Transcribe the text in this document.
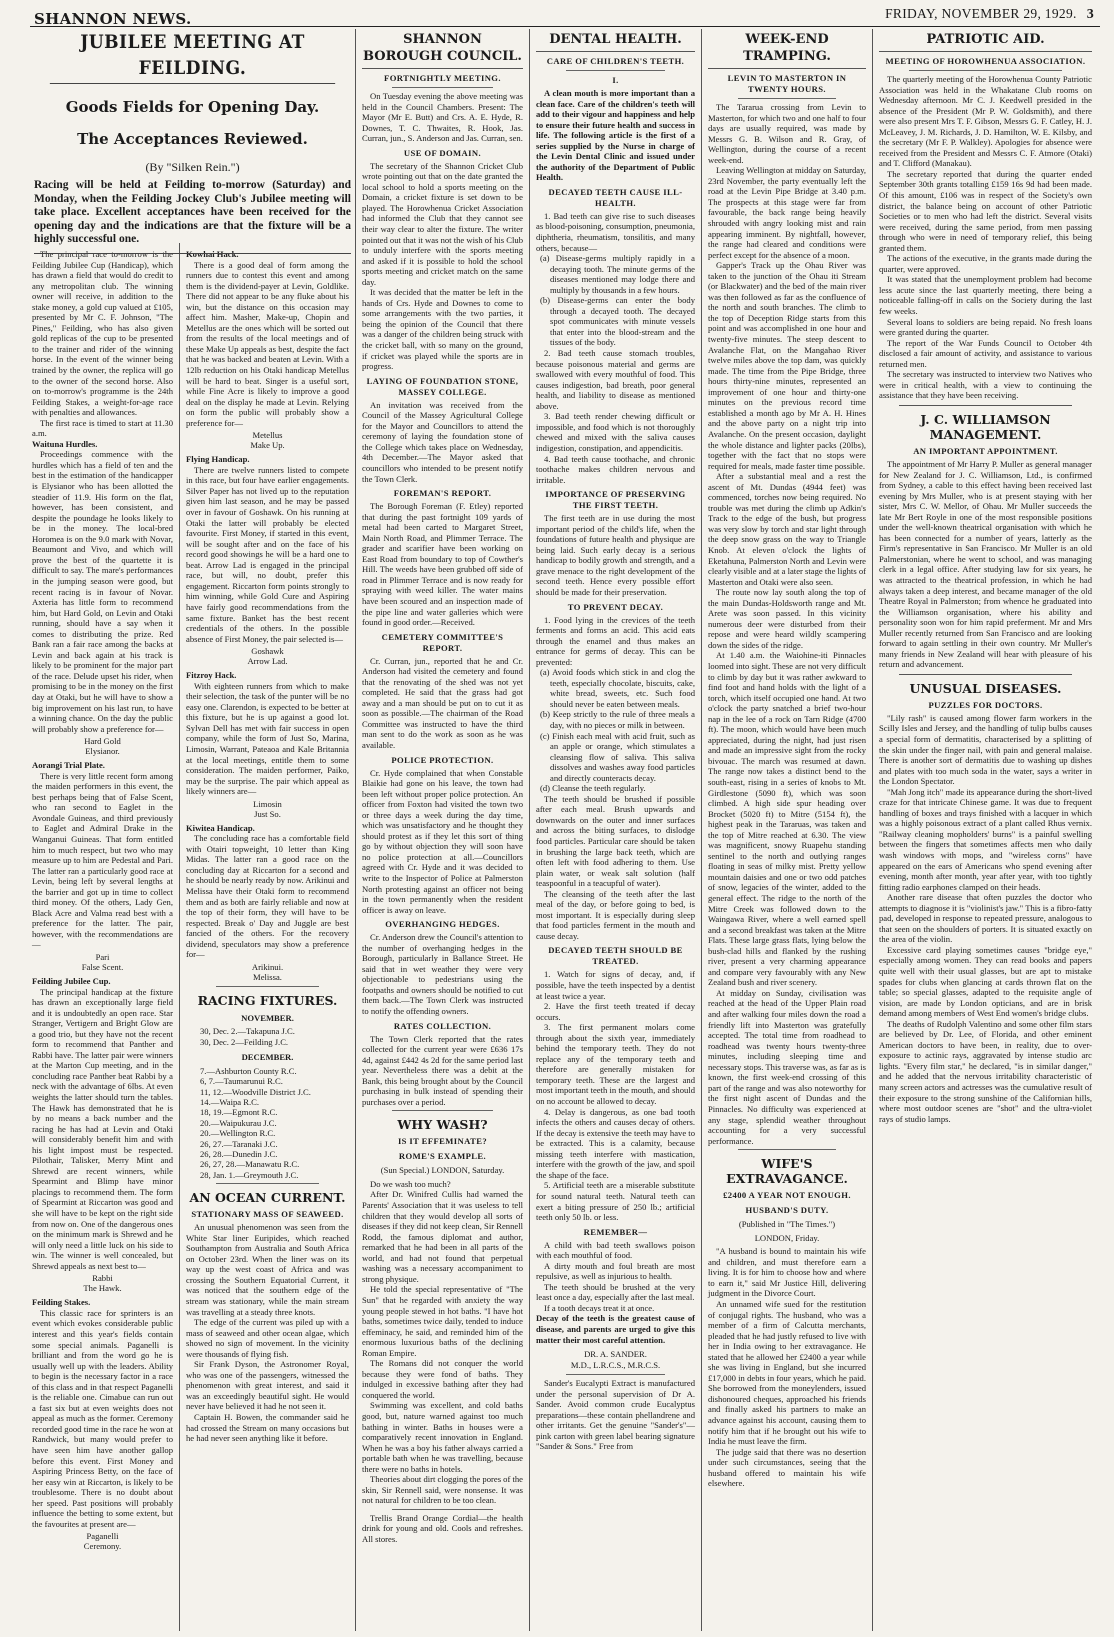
SHANNON NEWS.	FRIDAY, NOVEMBER 29, 1929. 3

The principal race to-morrow is the Feilding Jubilee Cup (Handicap), which has drawn a field that would do credit to any metropolitan club. The winning owner will receive, in addition to the stake money, a gold cup valued at £105, presented by Mr C. F. Johnson, "The Pines," Feilding, who has also given gold replicas of the cup to be presented to the trainer and rider of the winning horse. In the event of the winner being trained by the owner, the replica will go to the owner of the second horse. Also on to-morrow's programme is the 24th Feilding Stakes, a weight-for-age race with penalties and allowances.

The first race is timed to start at 11.30 a.m.

Waituna Hurdles.

Proceedings commence with the hurdles which has a field of ten and the best in the estimation of the handicapper is Elysianor who has been allotted the steadier of 11.9. His form on the flat, however, has been consistent, and despite the poundage he looks likely to be in the money. The local-bred Horomea is on the 9.0 mark with Novar, Beaumont and Vivo, and which will prove the best of the quartette it is difficult to say. The mare's performances in the jumping season were good, but recent racing is in favour of Novar. Axteria has little form to recommend him, but Hard Gold, on Levin and Otaki running, should have a say when it comes to distributing the prize. Red Bank ran a fair race among the backs at Levin and back again at his track is likely to be prominent for the major part of the race. Delude upset his rider, when promising to be in the money on the first day at Otaki, but he will have to show a big improvement on his last run, to have a winning chance. On the day the public will probably show a preference for—

Hard Gold
Elysianor.

Aorangi Trial Plate.

There is very little recent form among the maiden performers in this event, the best perhaps being that of False Scent, who ran second to Eaglet in the Avondale Guineas, and third previously to Eaglet and Admiral Drake in the Wanganui Guineas. That form entitled him to much respect, but two who may measure up to him are Pedestal and Pari. The latter ran a particularly good race at Levin, being left by several lengths at the barrier and got up in time to collect third money. Of the others, Lady Gen, Black Acre and Valma read best with a preference for the latter. The pair, however, with the recommendations are—

Pari
False Scent.

Feilding Jubilee Cup.

The principal handicap at the fixture has drawn an exceptionally large field and it is undoubtedly an open race. Star Stranger, Vertigern and Bright Glow are a good trio, but they have not the recent form to recommend that Panther and Rabbi have. The latter pair were winners at the Marton Cup meeting, and in the concluding race Panther beat Rabbi by a neck with the advantage of 6lbs. At even weights the latter should turn the tables. The Hawk has demonstrated that he is by no means a back number and the racing he has had at Levin and Otaki will considerably benefit him and with his light impost must be respected. Pilothair, Talisker, Merry Mint and Shrewd are recent winners, while Spearmint and Blimp have minor placings to recommend them. The form of Spearmint at Riccarton was good and she will have to be kept on the right side from now on. One of the dangerous ones on the minimum mark is Shrewd and he will only need a little luck on his side to win. The winner is well concealed, but Shrewd appeals as next best to—

Rabbi
The Hawk.

Feilding Stakes.

This classic race for sprinters is an event which evokes considerable public interest and this year's fields contain some special animals. Paganelli is brilliant and from the word go he is usually well up with the leaders. Ability to begin is the necessary factor in a race of this class and in that respect Paganelli is the reliable one. Cimabue can run out a fast six but at even weights does not appeal as much as the former. Ceremony recorded good time in the race he won at Randwick, but many would prefer to have seen him have another gallop before this event. First Money and Aspiring Princess Betty, on the face of her easy win at Riccarton, is likely to be troublesome. There is no doubt about her speed. Past positions will probably influence the betting to some extent, but the favourites at present are—

Paganelli
Ceremony.

Kowhai Hack.

There is a good deal of form among the runners due to contest this event and among them is the dividend-payer at Levin, Goldlike. There did not appear to be any fluke about his win, but the distance on this occasion may affect him. Masher, Make-up, Chopin and Metellus are the ones which will be sorted out from the results of the local meetings and of these Make Up appeals as best, despite the fact that he was backed and beaten at Levin. With a 12lb reduction on his Otaki handicap Metellus will be hard to beat. Singer is a useful sort, while Fine Acre is likely to improve a good deal on the display he made at Levin. Relying on form the public will probably show a preference for—

Metellus
Make Up.

Flying Handicap.

There are twelve runners listed to compete in this race, but four have earlier engagements. Silver Paper has not lived up to the reputation given him last season, and he may be passed over in favour of Goshawk. On his running at Otaki the latter will probably be elected favourite. First Money, if started in this event, will be sought after and on the face of his record good showings he will be a hard one to beat. Arrow Lad is engaged in the principal race, but will, no doubt, prefer this engagement. Riccarton form points strongly to him winning, while Gold Cure and Aspiring have fairly good recommendations from the same fixture. Banket has the best recent credentials of the others. In the possible absence of First Money, the pair selected is—

Goshawk
Arrow Lad.

Fitzroy Hack.

With eighteen runners from which to make their selection, the task of the punter will be no easy one. Clarendon, is expected to be better at this fixture, but he is up against a good lot. Sylvan Dell has met with fair success in open company, while the form of Just So, Marina, Limosin, Warrant, Pateaoa and Kale Britannia at the local meetings, entitle them to some consideration. The maiden performer, Paiko, may be the surprise. The pair which appeal as likely winners are—

Limosin
Just So.

Kiwitea Handicap.

The concluding race has a comfortable field with Otairi topweight, 10 letter than King Midas. The latter ran a good race on the concluding day at Riccarton for a second and he should be nearly ready by now. Arikinui and Melissa have their Otaki form to recommend them and as both are fairly reliable and now at the top of their form, they will have to be respected. Break o' Day and Juggle are best fancied of the others. For the recovery dividend, speculators may show a preference for—

Arikinui.
Melissa.
RACING FIXTURES.
NOVEMBER.

30, Dec. 2.—Takapuna J.C.

30, Dec. 2—Feilding J.C.

DECEMBER.

7.—Ashburton County R.C.

6, 7.—Taumarunui R.C.

11, 12.—Woodville District J.C.

14.—Waipa R.C.

18, 19.—Egmont R.C.

20.—Waipukurau J.C.

20.—Wellington R.C.

26, 27.—Taranaki J.C.

26, 28.—Dunedin J.C.

26, 27, 28.—Manawatu R.C.

28, Jan. 1.—Greymouth J.C.

AN OCEAN CURRENT.
STATIONARY MASS OF SEAWEED.

An unusual phenomenon was seen from the White Star liner Euripides, which reached Southampton from Australia and South Africa on October 23rd. When the liner was on its way up the west coast of Africa and was crossing the Southern Equatorial Current, it was noticed that the southern edge of the stream was stationary, while the main stream was travelling at a steady three knots.

The edge of the current was piled up with a mass of seaweed and other ocean algae, which showed no sign of movement. In the vicinity were thousands of flying fish.

Sir Frank Dyson, the Astronomer Royal, who was one of the passengers, witnessed the phenomenon with great interest, and said it was an exceedingly beautiful sight. He would never have believed it had he not seen it.

Captain H. Bowen, the commander said he had crossed the Stream on many occasions but he had never seen anything like it before.

SHANNON BOROUGH COUNCIL.
FORTNIGHTLY MEETING.

On Tuesday evening the above meeting was held in the Council Chambers. Present: The Mayor (Mr E. Butt) and Crs. A. E. Hyde, R. Downes, T. C. Thwaites, R. Hook, Jas. Curran, jun., S. Anderson and Jas. Curran, sen.

USE OF DOMAIN.

The secretary of the Shannon Cricket Club wrote pointing out that on the date granted the local school to hold a sports meeting on the Domain, a cricket fixture is set down to be played. The Horowhenua Cricket Association had informed the Club that they cannot see their way clear to alter the fixture. The writer pointed out that it was not the wish of his Club to unduly interfere with the sports meeting and asked if it is possible to hold the school sports meeting and cricket match on the same day.

It was decided that the matter be left in the hands of Crs. Hyde and Downes to come to some arrangements with the two parties, it being the opinion of the Council that there was a danger of the children being struck with the cricket ball, with so many on the ground, if cricket was played while the sports are in progress.

LAYING OF FOUNDATION STONE, MASSEY COLLEGE.

An invitation was received from the Council of the Massey Agricultural College for the Mayor and Councillors to attend the ceremony of laying the foundation stone of the College which takes place on Wednesday, 4th December.—The Mayor asked that councillors who intended to be present notify the Town Clerk.

FOREMAN'S REPORT.

The Borough Foreman (F. Etley) reported that during the past fortnight 109 yards of metal had been carted to Margaret Street, Main North Road, and Plimmer Terrace. The grader and scarifier have been working on East Road from boundary to top of Cowther's Hill. The weeds have been grubbed off side of road in Plimmer Terrace and is now ready for spraying with weed killer. The water mains have been scoured and an inspection made of the pipe line and water galleries which were found in good order.—Received.

CEMETERY COMMITTEE'S REPORT.

Cr. Curran, jun., reported that he and Cr. Anderson had visited the cemetery and found that the renovating of the shed was not yet completed. He said that the grass had got away and a man should be put on to cut it as soon as possible.—The chairman of the Road Committee was instructed to have the third man sent to do the work as soon as he was available.

POLICE PROTECTION.

Cr. Hyde complained that when Constable Blaikie had gone on his leave, the town had been left without proper police protection. An officer from Foxton had visited the town two or three days a week during the day time, which was unsatisfactory and he thought they should protest as if they let this sort of thing go by without objection they will soon have no police protection at all.—Councillors agreed with Cr. Hyde and it was decided to write to the Inspector of Police at Palmerston North protesting against an officer not being in the town permanently when the resident officer is away on leave.

OVERHANGING HEDGES.

Cr. Anderson drew the Council's attention to the number of overhanging hedges in the Borough, particularly in Ballance Street. He said that in wet weather they were very objectionable to pedestrians using the footpaths and owners should be notified to cut them back.—The Town Clerk was instructed to notify the offending owners.

RATES COLLECTION.

The Town Clerk reported that the rates collected for the current year were £636 17s 4d, against £442 4s 2d for the same period last year. Nevertheless there was a debit at the Bank, this being brought about by the Council purchasing in bulk instead of spending their purchases over a period.

WHY WASH?
IS IT EFFEMINATE?
ROME'S EXAMPLE.
(Sun Special.) LONDON, Saturday.

Do we wash too much?

After Dr. Winifred Cullis had warned the Parents' Association that it was useless to tell children that they would develop all sorts of diseases if they did not keep clean, Sir Rennell Rodd, the famous diplomat and author, remarked that he had been in all parts of the world, and had not found that perpetual washing was a necessary accompaniment to strong physique.

He told the special representative of "The Sun" that he regarded with anxiety the way young people stewed in hot baths. "I have hot baths, sometimes twice daily, tended to induce effeminacy, he said, and reminded him of the enormous luxurious baths of the declining Roman Empire.

The Romans did not conquer the world because they were fond of baths. They indulged in excessive bathing after they had conquered the world.

Swimming was excellent, and cold baths good, but, nature warned against too much bathing in winter. Baths in houses were a comparatively recent innovation in England. When he was a boy his father always carried a portable bath when he was travelling, because there were no baths in hotels.

Theories about dirt clogging the pores of the skin, Sir Rennell said, were nonsense. It was not natural for children to be too clean.

Trellis Brand Orange Cordial—the health drink for young and old. Cools and refreshes. All stores.

DENTAL HEALTH.
CARE OF CHILDREN'S TEETH.
I.

A clean mouth is more important than a clean face. Care of the children's teeth will add to their vigour and happiness and help to ensure their future health and success in life. The following article is the first of a series supplied by the Nurse in charge of the Levin Dental Clinic and issued under the authority of the Department of Public Health.

DECAYED TEETH CAUSE ILL-HEALTH.

1. Bad teeth can give rise to such diseases as blood-poisoning, consumption, pneumonia, diphtheria, rheumatism, tonsilitis, and many others, because—

(a) Disease-germs multiply rapidly in a decaying tooth. The minute germs of the diseases mentioned may lodge there and multiply by thousands in a few hours.

(b) Disease-germs can enter the body through a decayed tooth. The decayed spot communicates with minute vessels that enter into the blood-stream and the tissues of the body.

2. Bad teeth cause stomach troubles, because poisonous material and germs are swallowed with every mouthful of food. This causes indigestion, bad breath, poor general health, and liability to disease as mentioned above.

3. Bad teeth render chewing difficult or impossible, and food which is not thoroughly chewed and mixed with the saliva causes indigestion, constipation, and appendicitis.

4. Bad teeth cause toothache, and chronic toothache makes children nervous and irritable.

IMPORTANCE OF PRESERVING THE FIRST TEETH.

The first teeth are in use during the most important period of the child's life, when the foundations of future health and physique are being laid. Such early decay is a serious handicap to bodily growth and strength, and a grave menace to the right development of the second teeth. Hence every possible effort should be made for their preservation.

TO PREVENT DECAY.

1. Food lying in the crevices of the teeth ferments and forms an acid. This acid eats through the enamel and thus makes an entrance for germs of decay. This can be prevented:

(a) Avoid foods which stick in and clog the teeth, especially chocolate, biscuits, cake, white bread, sweets, etc. Such food should never be eaten between meals.

(b) Keep strictly to the rule of three meals a day, with no pieces or milk in between.

(c) Finish each meal with acid fruit, such as an apple or orange, which stimulates a cleansing flow of saliva. This saliva dissolves and washes away food particles and directly counteracts decay.

(d) Cleanse the teeth regularly.

The teeth should be brushed if possible after each meal. Brush upwards and downwards on the outer and inner surfaces and across the biting surfaces, to dislodge food particles. Particular care should be taken in brushing the large back teeth, which are often left with food adhering to them. Use plain water, or weak salt solution (half teaspoonful in a teacupful of water).

The cleansing of the teeth after the last meal of the day, or before going to bed, is most important. It is especially during sleep that food particles ferment in the mouth and cause decay.

DECAYED TEETH SHOULD BE TREATED.

1. Watch for signs of decay, and, if possible, have the teeth inspected by a dentist at least twice a year.

2. Have the first teeth treated if decay occurs.

3. The first permanent molars come through about the sixth year, immediately behind the temporary teeth. They do not replace any of the temporary teeth and therefore are generally mistaken for temporary teeth. These are the largest and most important teeth in the mouth, and should on no account be allowed to decay.

4. Delay is dangerous, as one bad tooth infects the others and causes decay of others. If the decay is extensive the teeth may have to be extracted. This is a calamity, because missing teeth interfere with mastication, interfere with the growth of the jaw, and spoil the shape of the face.

5. Artificial teeth are a miserable substitute for sound natural teeth. Natural teeth can exert a biting pressure of 250 lb.; artificial teeth only 50 lb. or less.

REMEMBER—

A child with bad teeth swallows poison with each mouthful of food.

A dirty mouth and foul breath are most repulsive, as well as injurious to health.

The teeth should be brushed at the very least once a day, especially after the last meal.

If a tooth decays treat it at once.

Decay of the teeth is the greatest cause of disease, and parents are urged to give this matter their most careful attention.

DR. A. SANDER.
M.D., L.R.C.S., M.R.C.S.

Sander's Eucalypti Extract is manufactured under the personal supervision of Dr A. Sander. Avoid common crude Eucalyptus preparations—these contain phellandrene and other irritants. Get the genuine "Sander's"—pink carton with green label bearing signature "Sander & Sons." Free from

WEEK-END TRAMPING.
LEVIN TO MASTERTON IN TWENTY HOURS.

The Tararua crossing from Levin to Masterton, for which two and one half to four days are usually required, was made by Messrs G. B. Wilson and R. Gray, of Wellington, during the course of a recent week-end.

Leaving Wellington at midday on Saturday, 23rd November, the party eventually left the road at the Levin Pipe Bridge at 3.40 p.m. The prospects at this stage were far from favourable, the back range being heavily shrouded with angry looking mist and rain appearing imminent. By nightfall, however, the range had cleared and conditions were perfect except for the absence of a moon.

Gapper's Track up the Ohau River was taken to the junction of the Ohau iti Stream (or Blackwater) and the bed of the main river was then followed as far as the confluence of the north and south branches. The climb to the top of Deception Ridge starts from this point and was accomplished in one hour and twenty-five minutes. The steep descent to Avalanche Flat, on the Mangahao River twelve miles above the top dam, was quickly made. The time from the Pipe Bridge, three hours thirty-nine minutes, represented an improvement of one hour and thirty-one minutes on the previous record time established a month ago by Mr A. H. Hines and the above party on a night trip into Avalanche. On the present occasion, daylight the whole distance and lighter packs (20lbs), together with the fact that no stops were required for meals, made faster time possible.

After a substantial meal and a rest the ascent of Mt. Dundas (4944 feet) was commenced, torches now being required. No trouble was met during the climb up Adkin's Track to the edge of the bush, but progress was very slow by torch and star light through the deep snow grass on the way to Triangle Knob. At eleven o'clock the lights of Eketahuna, Palmerston North and Levin were clearly visible and at a later stage the lights of Masterton and Otaki were also seen.

The route now lay south along the top of the main Dundas-Holdsworth range and Mt. Arete was soon passed. In this vicinity numerous deer were disturbed from their repose and were heard wildly scampering down the sides of the ridge.

At 1.40 a.m. the Waiohine-iti Pinnacles loomed into sight. These are not very difficult to climb by day but it was rather awkward to find foot and hand holds with the light of a torch, which itself occupied one hand. At two o'clock the party snatched a brief two-hour nap in the lee of a rock on Tarn Ridge (4700 ft). The moon, which would have been much appreciated, during the night, had just risen and made an impressive sight from the rocky bivouac. The march was resumed at dawn. The range now takes a distinct bend to the south-east, rising in a series of knobs to Mt. Girdlestone (5090 ft), which was soon climbed. A high side spur heading over Brocket (5020 ft) to Mitre (5154 ft), the highest peak in the Tararuas, was taken and the top of Mitre reached at 6.30. The view was magnificent, snowy Ruapehu standing sentinel to the north and outlying ranges floating in seas of milky mist. Pretty yellow mountain daisies and one or two odd patches of snow, legacies of the winter, added to the general effect. The ridge to the north of the Mitre Creek was followed down to the Waingawa River, where a well earned spell and a second breakfast was taken at the Mitre Flats. These large grass flats, lying below the bush-clad hills and flanked by the rushing river, present a very charming appearance and compare very favourably with any New Zealand bush and river scenery.

At midday on Sunday, civilisation was reached at the head of the Upper Plain road and after walking four miles down the road a friendly lift into Masterton was gratefully accepted. The total time from roadhead to roadhead was twenty hours twenty-three minutes, including sleeping time and necessary stops. This traverse was, as far as is known, the first week-end crossing of this part of the range and was also noteworthy for the first night ascent of Dundas and the Pinnacles. No difficulty was experienced at any stage, splendid weather throughout accounting for a very successful performance.

WIFE'S EXTRAVAGANCE.
£2400 A YEAR NOT ENOUGH.
HUSBAND'S DUTY.
(Published in "The Times.")
LONDON, Friday.

"A husband is bound to maintain his wife and children, and must therefore earn a living. It is for him to choose how and where to earn it," said Mr Justice Hill, delivering judgment in the Divorce Court.

An unnamed wife sued for the restitution of conjugal rights. The husband, who was a member of a firm of Calcutta merchants, pleaded that he had justly refused to live with her in India owing to her extravagance. He stated that he allowed her £2400 a year while she was living in England, but she incurred £17,000 in debts in four years, which he paid. She borrowed from the moneylenders, issued dishonoured cheques, approached his friends and finally asked his partners to make an advance against his account, causing them to notify him that if he brought out his wife to India he must leave the firm.

The judge said that there was no desertion under such circumstances, seeing that the husband offered to maintain his wife elsewhere.

PATRIOTIC AID.
MEETING OF HOROWHENUA ASSOCIATION.

The quarterly meeting of the Horowhenua County Patriotic Association was held in the Whakatane Club rooms on Wednesday afternoon. Mr C. J. Keedwell presided in the absence of the President (Mr P. W. Goldsmith), and there were also present Mrs T. F. Gibson, Messrs G. F. Catley, H. J. McLeavey, J. M. Richards, J. D. Hamilton, W. E. Kilsby, and the secretary (Mr F. P. Walkley). Apologies for absence were received from the President and Messrs C. F. Atmore (Otaki) and T. Clifford (Manakau).

The secretary reported that during the quarter ended September 30th grants totalling £159 16s 9d had been made. Of this amount, £106 was in respect of the Society's own district, the balance being on account of other Patriotic Societies or to men who had left the district. Several visits were received, during the same period, from men passing through who were in need of temporary relief, this being granted them.

The actions of the executive, in the grants made during the quarter, were approved.

It was stated that the unemployment problem had become less acute since the last quarterly meeting, there being a noticeable falling-off in calls on the Society during the last few weeks.

Several loans to soldiers are being repaid. No fresh loans were granted during the quarter.

The report of the War Funds Council to October 4th disclosed a fair amount of activity, and assistance to various returned men.

The secretary was instructed to interview two Natives who were in critical health, with a view to continuing the assistance that they have been receiving.

J. C. WILLIAMSON MANAGEMENT.
AN IMPORTANT APPOINTMENT.

The appointment of Mr Harry P. Muller as general manager for New Zealand for J. C. Williamson, Ltd., is confirmed from Sydney, a cable to this effect having been received last evening by Mrs Muller, who is at present staying with her sister, Mrs C. W. Mellor, of Ohau. Mr Muller succeeds the late Mr Bert Royle in one of the most responsible positions under the well-known theatrical organisation with which he has been connected for a number of years, latterly as the Firm's representative in San Francisco. Mr Muller is an old Palmerstonian, where he went to school, and was managing clerk in a legal office. After studying law for six years, he was attracted to the theatrical profession, in which he had always taken a deep interest, and became manager of the old Theatre Royal in Palmerston; from whence he graduated into the Williamson organisation, where his ability and personality soon won for him rapid preferment. Mr and Mrs Muller recently returned from San Francisco and are looking forward to again settling in their own country. Mr Muller's many friends in New Zealand will hear with pleasure of his return and advancement.

UNUSUAL DISEASES.
PUZZLES FOR DOCTORS.

"Lily rash" is caused among flower farm workers in the Scilly Isles and Jersey, and the handling of tulip bulbs causes a special form of dermatitis, characterised by a splitting of the skin under the finger nail, with pain and general malaise. There is another sort of dermatitis due to washing up dishes and plates with too much soda in the water, says a writer in the London Spectator.

"Mah Jong itch" made its appearance during the short-lived craze for that intricate Chinese game. It was due to frequent handling of boxes and trays finished with a lacquer in which was a highly poisonous extract of a plant called Rhus vernix. "Railway cleaning mopholders' burns" is a painful swelling between the fingers that sometimes affects men who daily wash windows with mops, and "wireless corns" have appeared on the ears of Americans who spend evening after evening, month after month, year after year, with too tightly fitting radio earphones clamped on their heads.

Another rare disease that often puzzles the doctor who attempts to diagnose it is "violinist's jaw." This is a fibro-fatty pad, developed in response to repeated pressure, analogous to that seen on the shoulders of porters. It is situated exactly on the area of the violin.

Excessive card playing sometimes causes "bridge eye," especially among women. They can read books and papers quite well with their usual glasses, but are apt to mistake spades for clubs when glancing at cards thrown flat on the table; so special glasses, adapted to the requisite angle of vision, are made by London opticians, and are in brisk demand among members of West End women's bridge clubs.

The deaths of Rudolph Valentino and some other film stars are believed by Dr. Lee, of Florida, and other eminent American doctors to have been, in reality, due to over-exposure to actinic rays, aggravated by intense studio arc lights. "Every film star," he declared, "is in similar danger," and he added that the nervous irritability characteristic of many screen actors and actresses was the cumulative result of their exposure to the strong sunshine of the Californian hills, where most outdoor scenes are "shot" and the ultra-violet rays of studio lamps.

JUBILEE MEETING AT FEILDING.
Goods Fields for Opening Day.
The Acceptances Reviewed.
(By "Silken Rein.")

Racing will be held at Feilding to-morrow (Saturday) and Monday, when the Feilding Jockey Club's Jubilee meeting will take place. Excellent acceptances have been received for the opening day and the indications are that the fixture will be a highly successful one.
